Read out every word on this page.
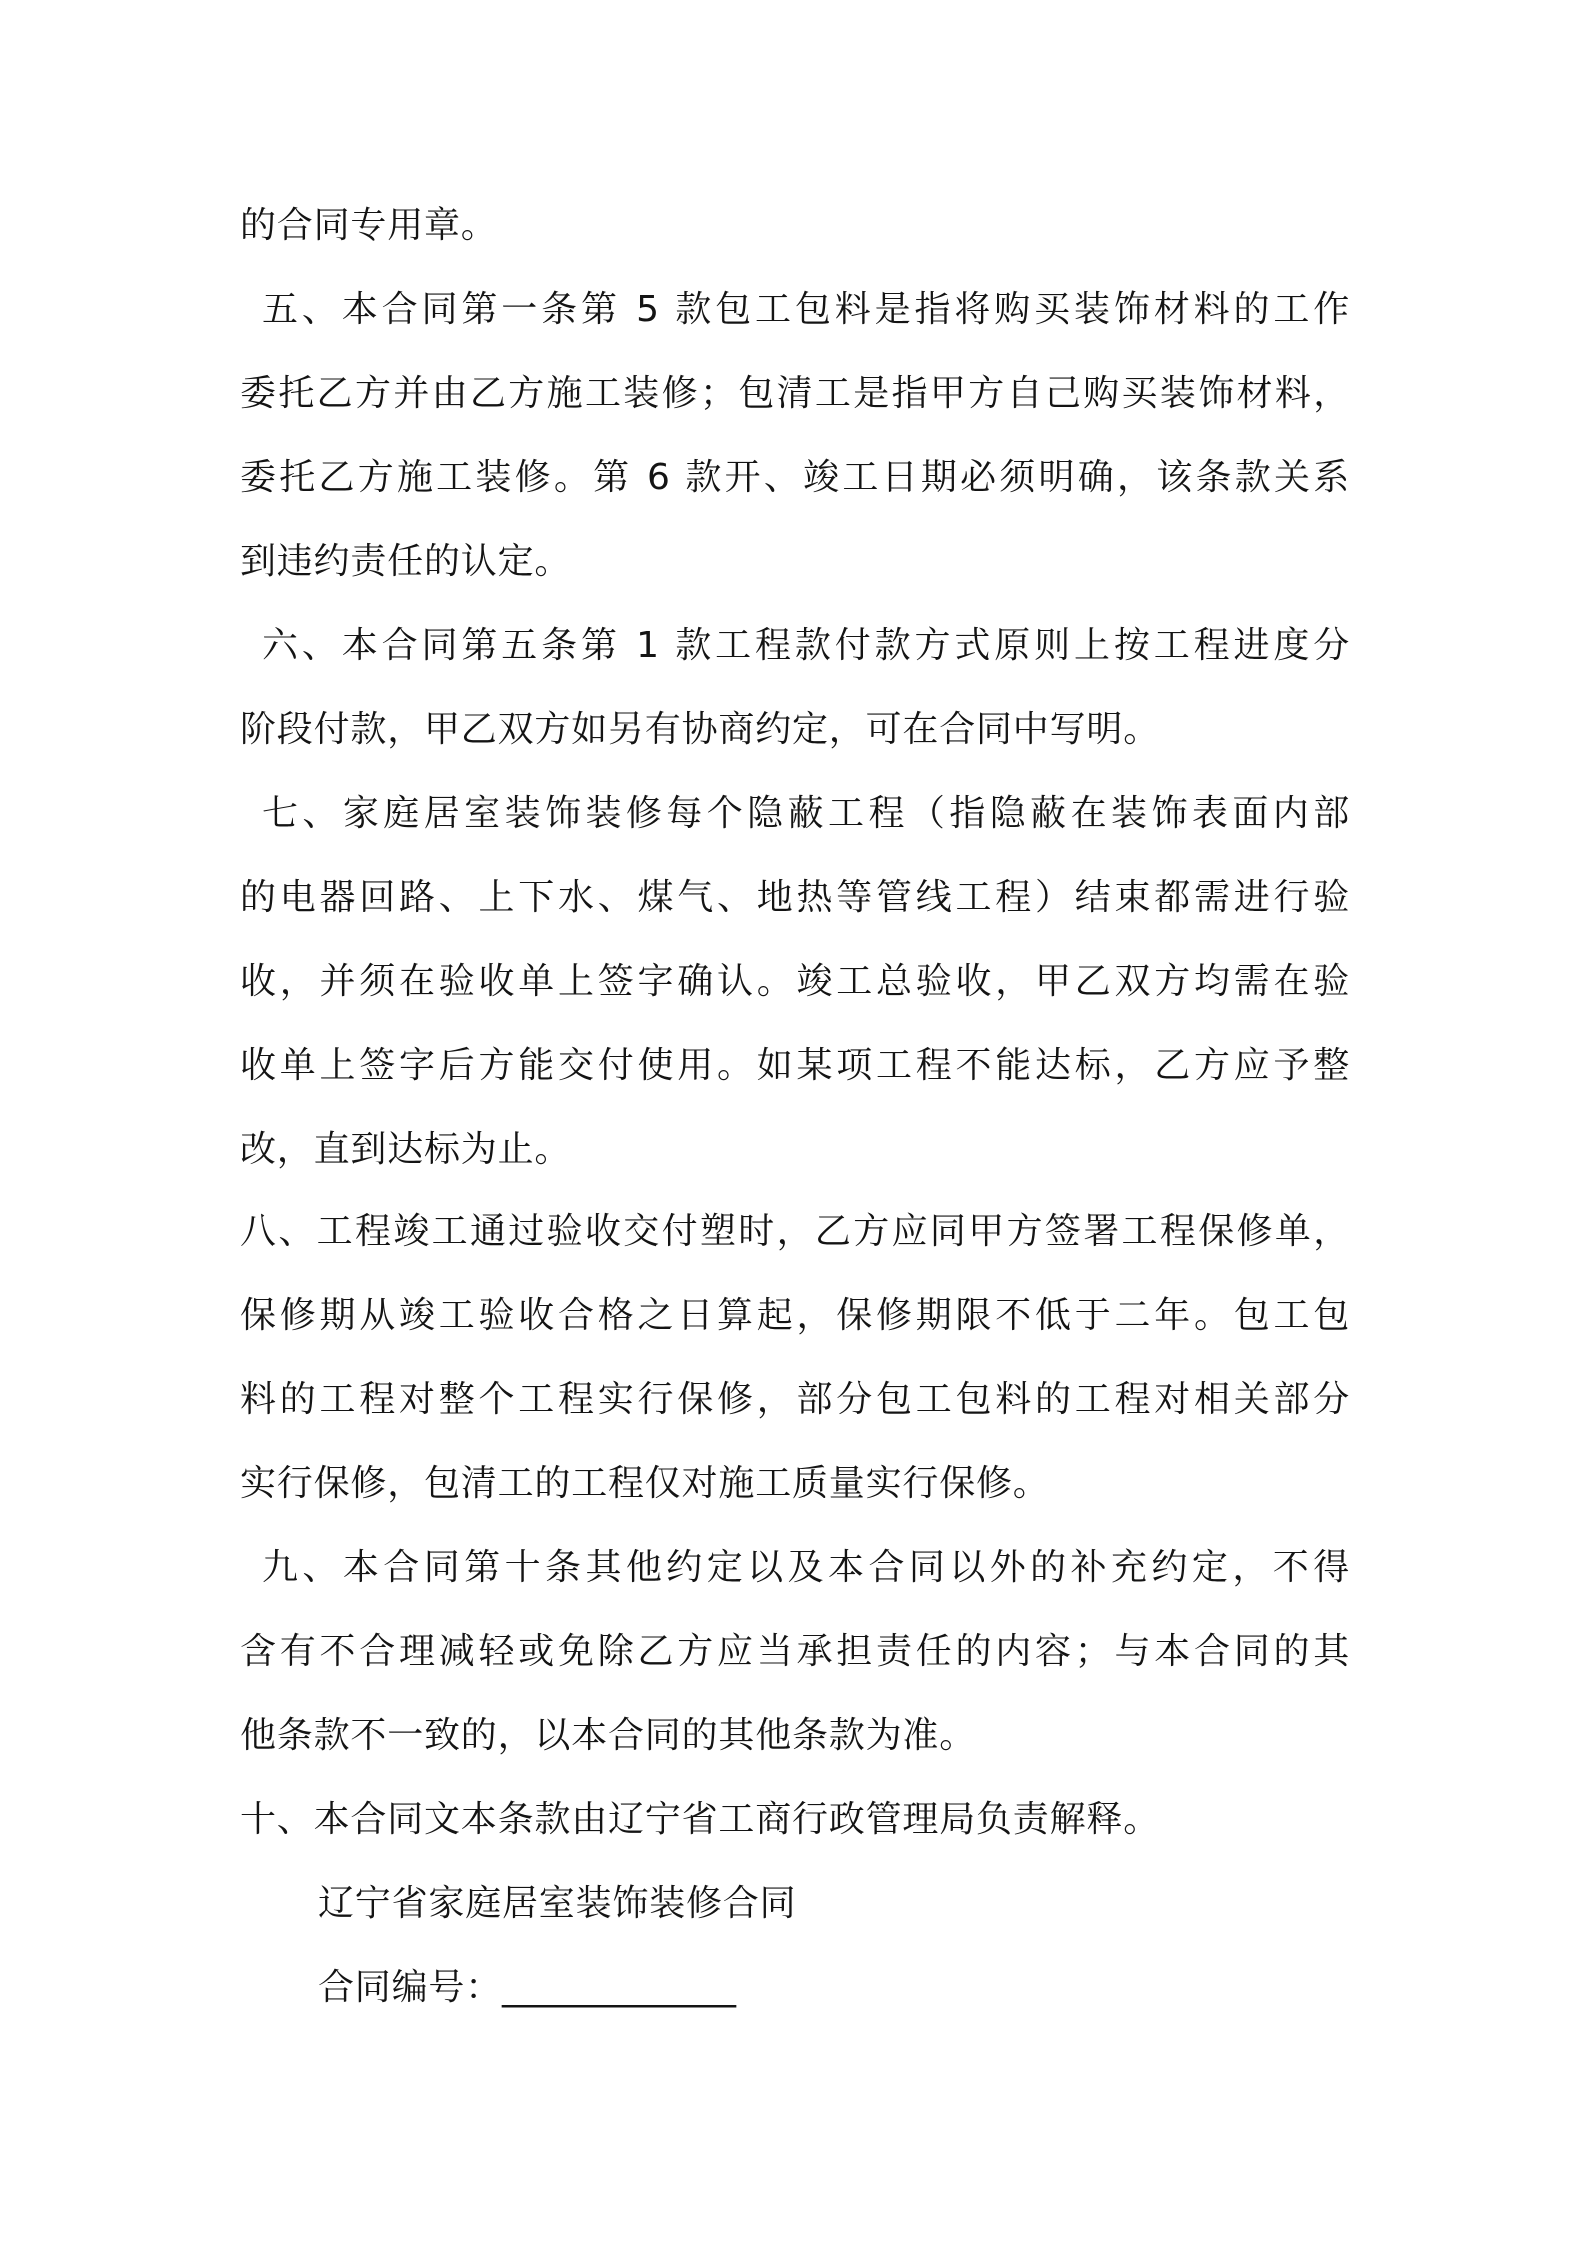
的合同专用章。

五、本合同第一条第 5 款包工包料是指将购买装饰材料的工作

委托乙方并由乙方施工装修；包清工是指甲方自己购买装饰材料，

委托乙方施工装修。第 6 款开、竣工日期必须明确，该条款关系

到违约责任的认定。

六、本合同第五条第 1 款工程款付款方式原则上按工程进度分

阶段付款，甲乙双方如另有协商约定，可在合同中写明。

七、家庭居室装饰装修每个隐蔽工程（指隐蔽在装饰表面内部

的电器回路、上下水、煤气、地热等管线工程）结束都需进行验

收，并须在验收单上签字确认。竣工总验收，甲乙双方均需在验

收单上签字后方能交付使用。如某项工程不能达标，乙方应予整

改，直到达标为止。

八、工程竣工通过验收交付塑时，乙方应同甲方签署工程保修单，

保修期从竣工验收合格之日算起，保修期限不低于二年。包工包

料的工程对整个工程实行保修，部分包工包料的工程对相关部分

实行保修，包清工的工程仅对施工质量实行保修。

九、本合同第十条其他约定以及本合同以外的补充约定，不得

含有不合理减轻或免除乙方应当承担责任的内容；与本合同的其

他条款不一致的，以本合同的其他条款为准。

十、本合同文本条款由辽宁省工商行政管理局负责解释。

辽宁省家庭居室装饰装修合同

合同编号：_____________
